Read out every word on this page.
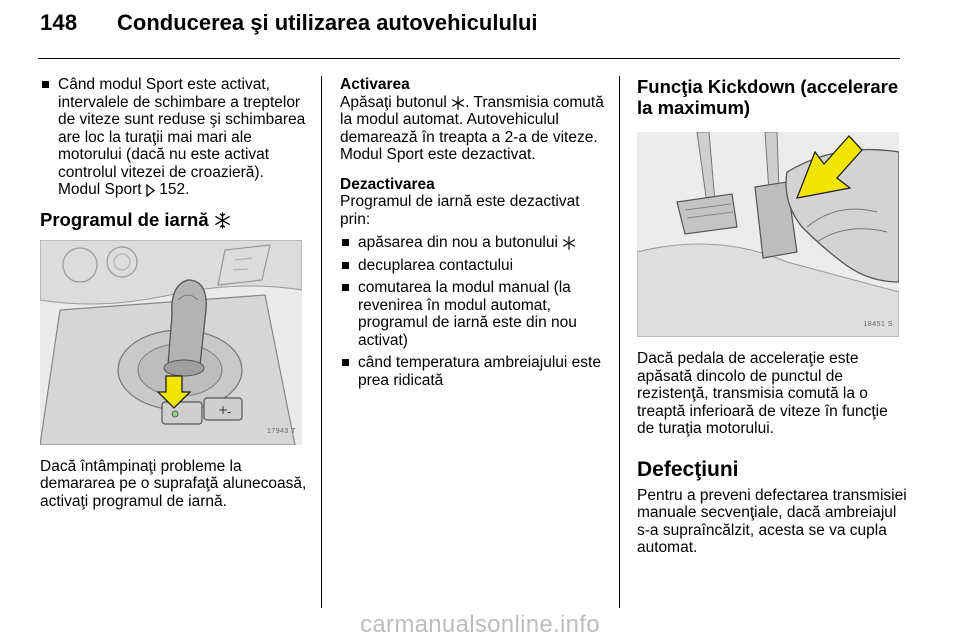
148 Conducerea şi utilizarea autovehiculului
Când modul Sport este activat, intervalele de schimbare a treptelor de viteze sunt reduse şi schimbarea are loc la turaţii mai mari ale motorului (dacă nu este activat controlul vitezei de croazieră). Modul Sport  152.
Programul de iarnă
+
-
17943 T

Dacă întâmpinaţi probleme la demararea pe o suprafaţă alunecoasă, activaţi programul de iarnă.

Activarea

Apăsaţi butonul . Transmisia comută la modul automat. Autovehiculul demarează în treapta a 2-a de viteze. Modul Sport este dezactivat.

Dezactivarea

Programul de iarnă este dezactivat prin:

apăsarea din nou a butonului
decuplarea contactului
comutarea la modul manual (la revenirea în modul automat, programul de iarnă este din nou activat)
când temperatura ambreiajului este prea ridicată
Funcţia Kickdown (accelerare la maximum)
18451 S

Dacă pedala de acceleraţie este apăsată dincolo de punctul de rezistenţă, transmisia comută la o treaptă inferioară de viteze în funcţie de turaţia motorului.

Defecţiuni

Pentru a preveni defectarea transmisiei manuale secvenţiale, dacă ambreiajul s-a supraîncălzit, acesta se va cupla automat.

carmanualsonline.info
